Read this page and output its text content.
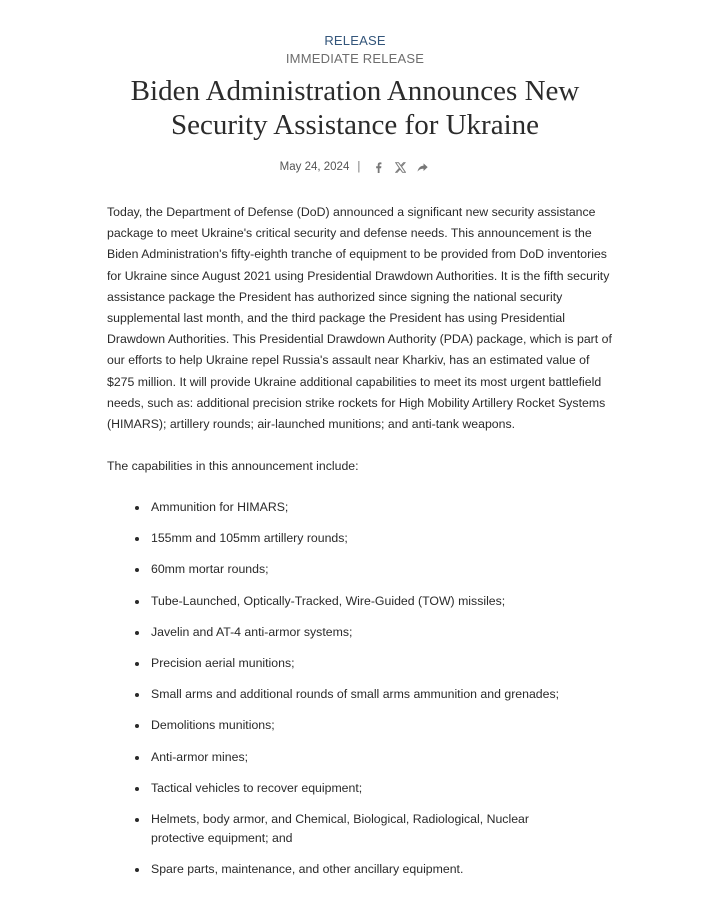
RELEASE
IMMEDIATE RELEASE
Biden Administration Announces New Security Assistance for Ukraine
May 24, 2024 |

Today, the Department of Defense (DoD) announced a significant new security assistance package to meet Ukraine's critical security and defense needs. This announcement is the Biden Administration's fifty-eighth tranche of equipment to be provided from DoD inventories for Ukraine since August 2021 using Presidential Drawdown Authorities. It is the fifth security assistance package the President has authorized since signing the national security supplemental last month, and the third package the President has using Presidential Drawdown Authorities. This Presidential Drawdown Authority (PDA) package, which is part of our efforts to help Ukraine repel Russia's assault near Kharkiv, has an estimated value of $275 million. It will provide Ukraine additional capabilities to meet its most urgent battlefield needs, such as: additional precision strike rockets for High Mobility Artillery Rocket Systems (HIMARS); artillery rounds; air-launched munitions; and anti-tank weapons.

The capabilities in this announcement include:

Ammunition for HIMARS;
155mm and 105mm artillery rounds;
60mm mortar rounds;
Tube-Launched, Optically-Tracked, Wire-Guided (TOW) missiles;
Javelin and AT-4 anti-armor systems;
Precision aerial munitions;
Small arms and additional rounds of small arms ammunition and grenades;
Demolitions munitions;
Anti-armor mines;
Tactical vehicles to recover equipment;
Helmets, body armor, and Chemical, Biological, Radiological, Nuclear protective equipment; and
Spare parts, maintenance, and other ancillary equipment.
